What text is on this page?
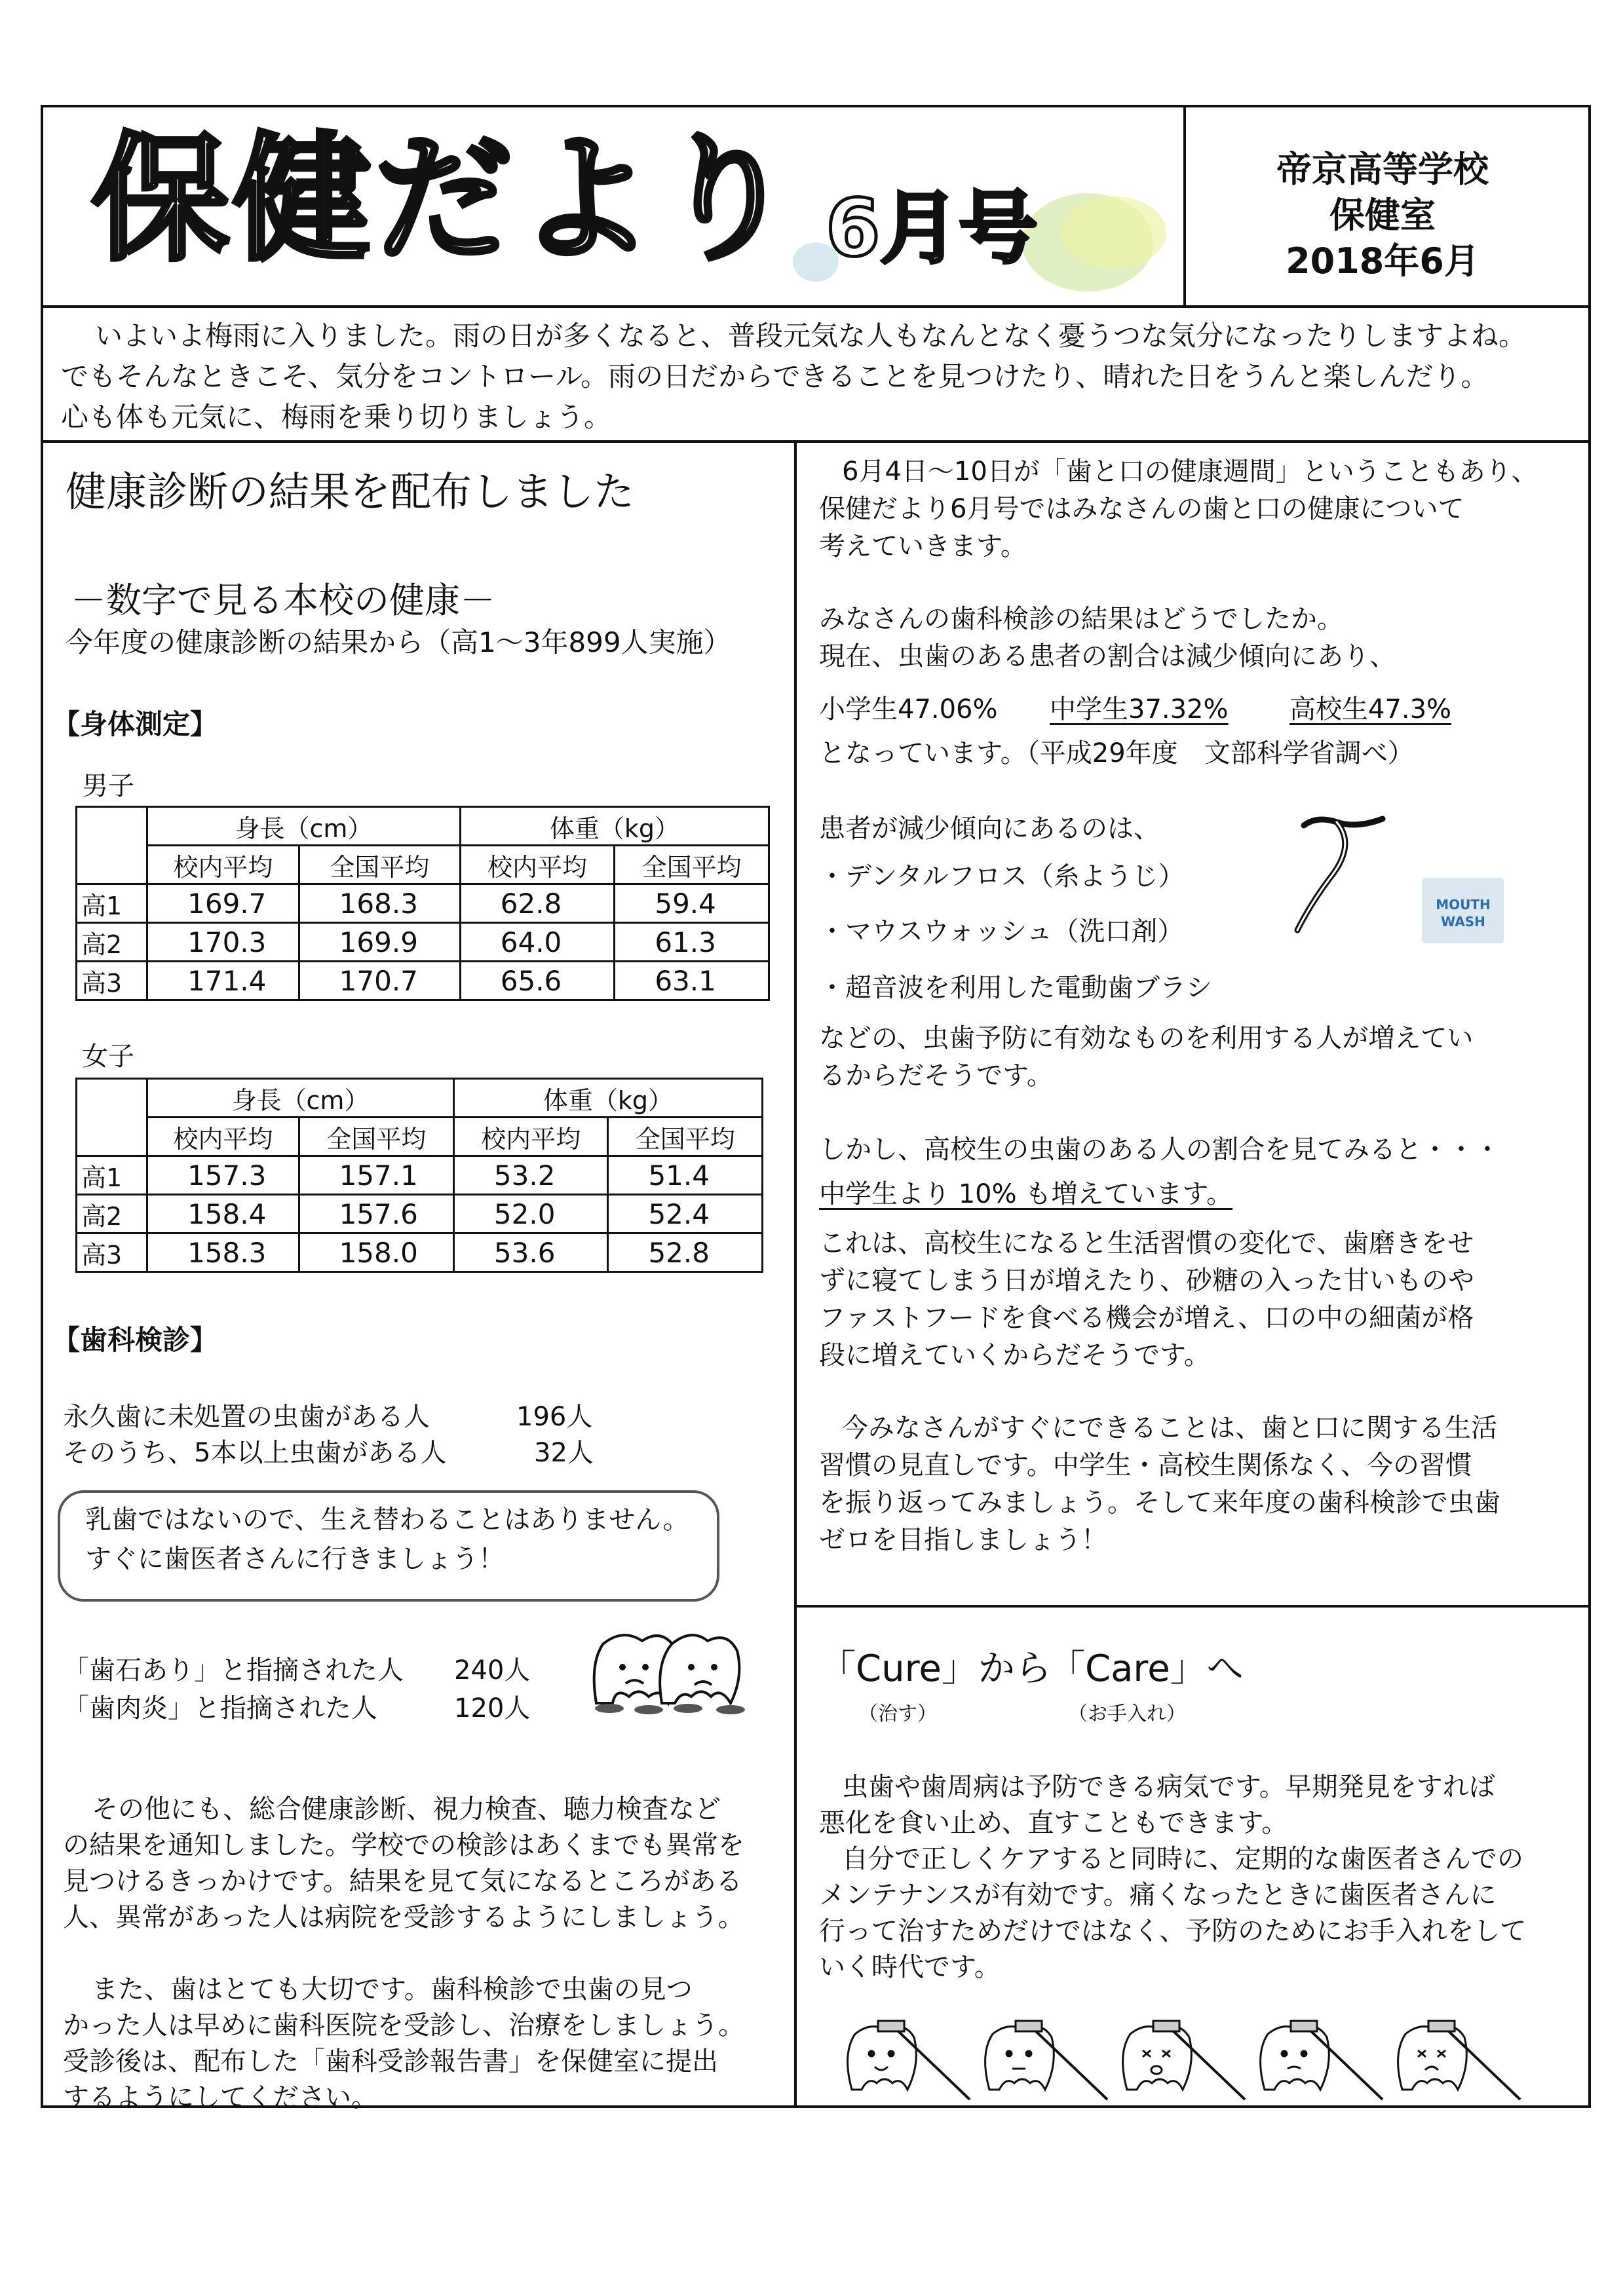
保健だより 6月号
帝京高等学校
保健室
2018年6月
いよいよ梅雨に入りました。雨の日が多くなると、普段元気な人もなんとなく憂うつな気分になったりしますよね。
でもそんなときこそ、気分をコントロール。雨の日だからできることを見つけたり、晴れた日をうんと楽しんだり。
心も体も元気に、梅雨を乗り切りましょう。
健康診断の結果を配布しました
－数字で見る本校の健康－
今年度の健康診断の結果から（高1～3年899人実施）
【身体測定】
男子
	身長（cm）		体重（kg）	
	校内平均	全国平均	校内平均	全国平均
高1	169.7	168.3	62.8	59.4
高2	170.3	169.9	64.0	61.3
高3	171.4	170.7	65.6	63.1
女子
	身長（cm）		体重（kg）	
	校内平均	全国平均	校内平均	全国平均
高1	157.3	157.1	53.2	51.4
高2	158.4	157.6	52.0	52.4
高3	158.3	158.0	53.6	52.8
【歯科検診】
永久歯に未処置の虫歯がある人	196人
そのうち、5本以上虫歯がある人	32人
乳歯ではないので、生え替わることはありません。
すぐに歯医者さんに行きましょう！
「歯石あり」と指摘された人 240人
「歯肉炎」と指摘された人	120人
その他にも、総合健康診断、視力検査、聴力検査など
の結果を通知しました。学校での検診はあくまでも異常を
見つけるきっかけです。結果を見て気になるところがある
人、異常があった人は病院を受診するようにしましょう。
また、歯はとても大切です。歯科検診で虫歯の見つ
かった人は早めに歯科医院を受診し、治療をしましょう。
受診後は、配布した「歯科受診報告書」を保健室に提出
するようにしてください。
6月4日～10日が「歯と口の健康週間」ということもあり、
保健だより6月号ではみなさんの歯と口の健康について
考えていきます。
みなさんの歯科検診の結果はどうでしたか。
現在、虫歯のある患者の割合は減少傾向にあり、
小学生47.06% 中学生37.32% 高校生47.3%
となっています。（平成29年度　文部科学省調べ）
患者が減少傾向にあるのは、
・デンタルフロス（糸ようじ）
・マウスウォッシュ（洗口剤）
・超音波を利用した電動歯ブラシ
MOUTH WASH
などの、虫歯予防に有効なものを利用する人が増えてい
るからだそうです。
しかし、高校生の虫歯のある人の割合を見てみると・・・
中学生より 10% も増えています。
これは、高校生になると生活習慣の変化で、歯磨きをせ
ずに寝てしまう日が増えたり、砂糖の入った甘いものや
ファストフードを食べる機会が増え、口の中の細菌が格
段に増えていくからだそうです。
今みなさんがすぐにできることは、歯と口に関する生活
習慣の見直しです。中学生・高校生関係なく、今の習慣
を振り返ってみましょう。そして来年度の歯科検診で虫歯
ゼロを目指しましょう！
「Cure」から
「Care」へ
（治す）	（お手入れ）
虫歯や歯周病は予防できる病気です。早期発見をすれば
悪化を食い止め、直すこともできます。
自分で正しくケアすると同時に、定期的な歯医者さんでの
メンテナンスが有効です。痛くなったときに歯医者さんに
行って治すためだけではなく、予防のためにお手入れをして
いく時代です。
